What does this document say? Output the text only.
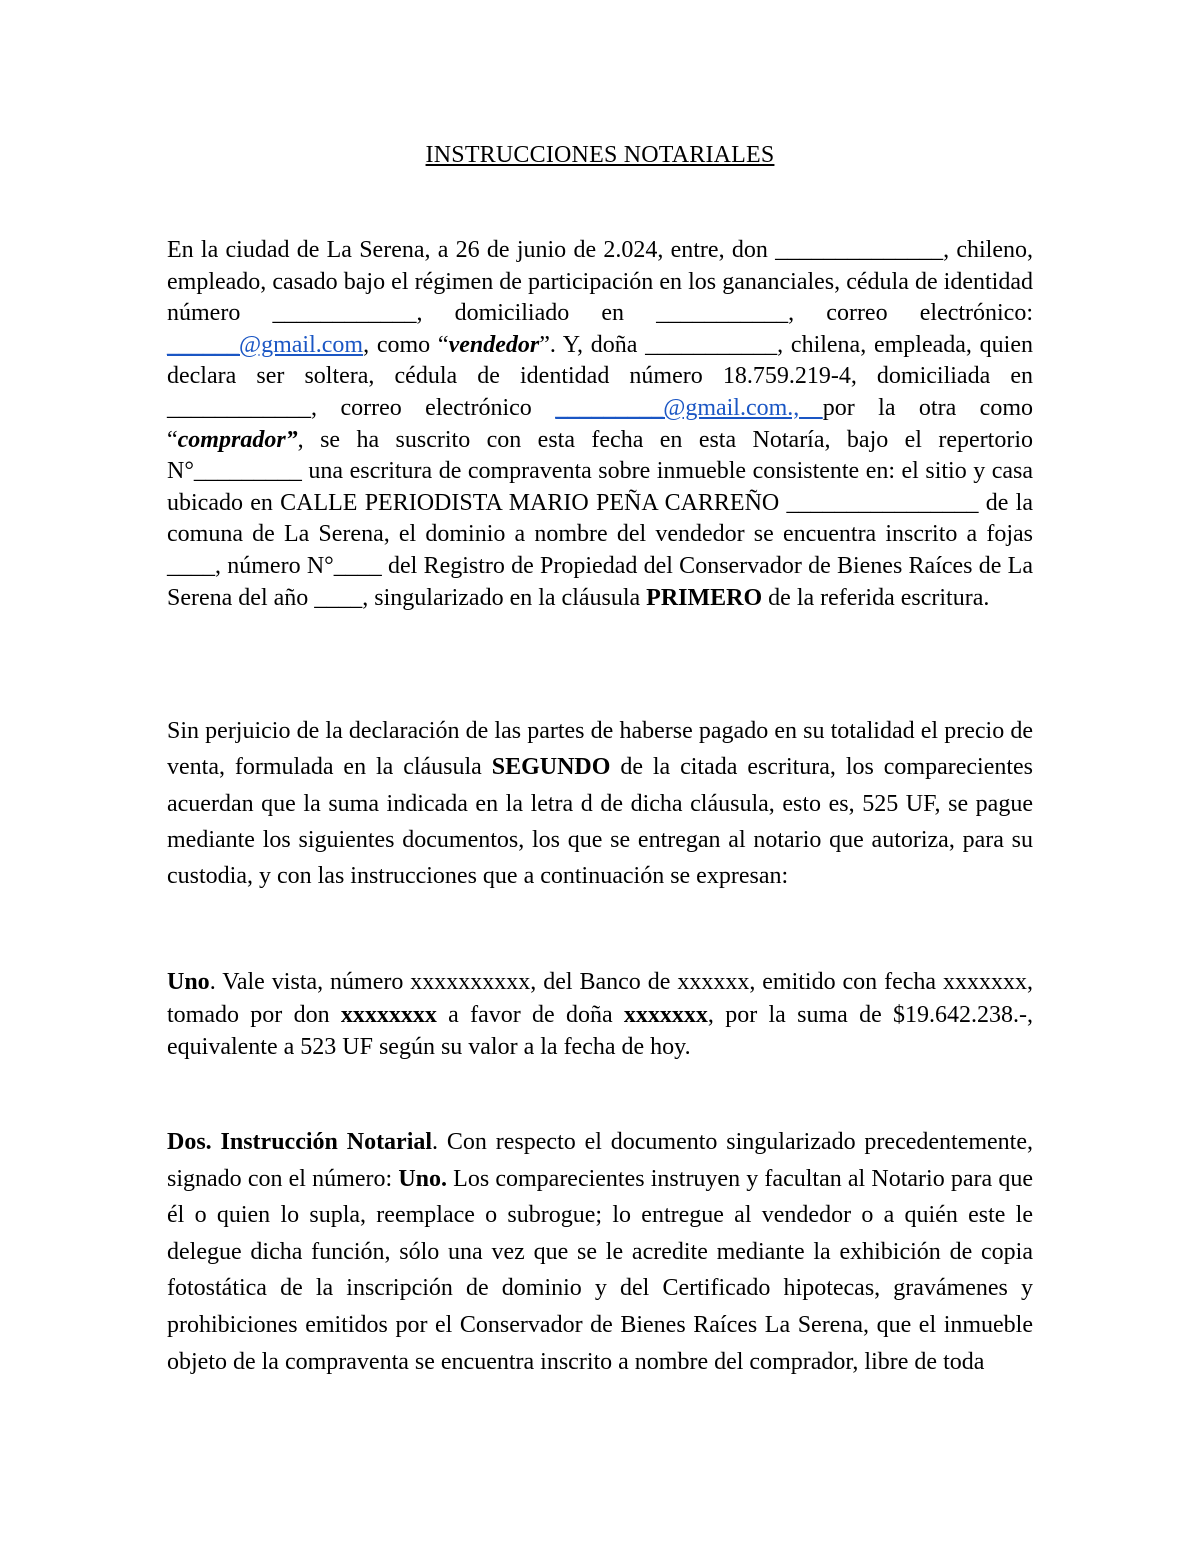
INSTRUCCIONES NOTARIALES
En la ciudad de La Serena, a 26 de junio de 2.024, entre, don ______________, chileno, empleado, casado bajo el régimen de participación en los gananciales, cédula de identidad número ____________, domiciliado en ___________, correo electrónico: ______@gmail.com, como “vendedor”. Y, doña ___________, chilena, empleada, quien declara ser soltera, cédula de identidad número 18.759.219-4, domiciliada en ____________, correo electrónico _________@gmail.com., por la otra como “comprador”, se ha suscrito con esta fecha en esta Notaría, bajo el repertorio N°_________ una escritura de compraventa sobre inmueble consistente en: el sitio y casa ubicado en CALLE PERIODISTA MARIO PEÑA CARREÑO ________________ de la comuna de La Serena, el dominio a nombre del vendedor se encuentra inscrito a fojas ____, número N°____ del Registro de Propiedad del Conservador de Bienes Raíces de La Serena del año ____, singularizado en la cláusula PRIMERO de la referida escritura.
Sin perjuicio de la declaración de las partes de haberse pagado en su totalidad el precio de venta, formulada en la cláusula SEGUNDO de la citada escritura, los comparecientes acuerdan que la suma indicada en la letra d de dicha cláusula, esto es, 525 UF, se pague mediante los siguientes documentos, los que se entregan al notario que autoriza, para su custodia, y con las instrucciones que a continuación se expresan:
Uno. Vale vista, número xxxxxxxxxx, del Banco de xxxxxx, emitido con fecha xxxxxxx, tomado por don xxxxxxxx a favor de doña xxxxxxx, por la suma de $19.642.238.-, equivalente a 523 UF según su valor a la fecha de hoy.
Dos. Instrucción Notarial. Con respecto el documento singularizado precedentemente, signado con el número: Uno. Los comparecientes instruyen y facultan al Notario para que él o quien lo supla, reemplace o subrogue; lo entregue al vendedor o a quién este le delegue dicha función, sólo una vez que se le acredite mediante la exhibición de copia fotostática de la inscripción de dominio y del Certificado hipotecas, gravámenes y prohibiciones emitidos por el Conservador de Bienes Raíces La Serena, que el inmueble objeto de la compraventa se encuentra inscrito a nombre del comprador, libre de toda
